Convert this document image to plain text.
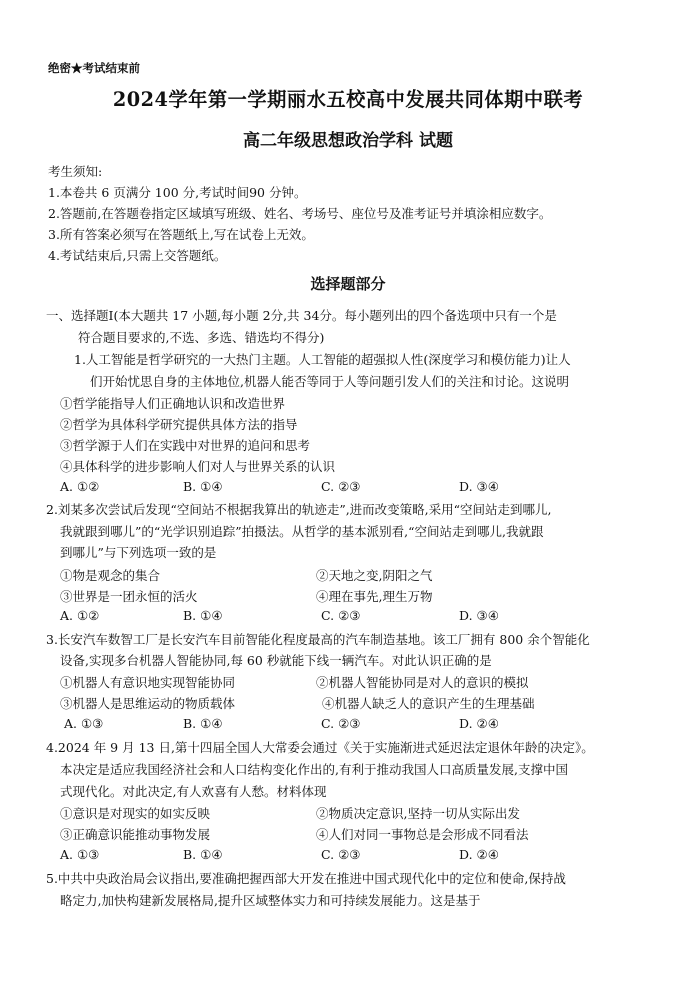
绝密★考试结束前
2024学年第一学期丽水五校高中发展共同体期中联考
高二年级思想政治学科 试题
考生须知:
1.本卷共 6 页满分 100 分,考试时间90 分钟。
2.答题前,在答题卷指定区域填写班级、姓名、考场号、座位号及准考证号并填涂相应数字。
3.所有答案必须写在答题纸上,写在试卷上无效。
4.考试结束后,只需上交答题纸。
选择题部分
一、选择题Ⅰ(本大题共 17 小题,每小题 2分,共 34分。每小题列出的四个备选项中只有一个是
符合题目要求的,不选、多选、错选均不得分)
1.人工智能是哲学研究的一大热门主题。人工智能的超强拟人性(深度学习和模仿能力)让人
们开始忧思自身的主体地位,机器人能否等同于人等问题引发人们的关注和讨论。这说明
①哲学能指导人们正确地认识和改造世界
②哲学为具体科学研究提供具体方法的指导
③哲学源于人们在实践中对世界的追问和思考
④具体科学的进步影响人们对人与世界关系的认识
A. ①②	B. ①④	C. ②③	D. ③④
2.刘某多次尝试后发现“空间站不根据我算出的轨迹走”,进而改变策略,采用“空间站走到哪儿,
我就跟到哪儿”的“光学识别追踪”拍摄法。从哲学的基本派别看,“空间站走到哪儿,我就跟
到哪儿”与下列选项一致的是
①物是观念的集合	②天地之变,阴阳之气
③世界是一团永恒的活火	④理在事先,理生万物
A. ①②	B. ①④	C. ②③	D. ③④
3.长安汽车数智工厂是长安汽车目前智能化程度最高的汽车制造基地。该工厂拥有 800 余个智能化
设备,实现多台机器人智能协同,每 60 秒就能下线一辆汽车。对此认识正确的是
①机器人有意识地实现智能协同	②机器人智能协同是对人的意识的模拟
③机器人是思维运动的物质载体	④机器人缺乏人的意识产生的生理基础
A. ①③	B. ①④	C. ②③	D. ②④
4.2024 年 9 月 13 日,第十四届全国人大常委会通过《关于实施渐进式延迟法定退休年龄的决定》。
本决定是适应我国经济社会和人口结构变化作出的,有利于推动我国人口高质量发展,支撑中国
式现代化。对此决定,有人欢喜有人愁。材料体现
①意识是对现实的如实反映	②物质决定意识,坚持一切从实际出发
③正确意识能推动事物发展	④人们对同一事物总是会形成不同看法
A. ①③	B. ①④	C. ②③	D. ②④
5.中共中央政治局会议指出,要准确把握西部大开发在推进中国式现代化中的定位和使命,保持战
略定力,加快构建新发展格局,提升区域整体实力和可持续发展能力。这是基于
